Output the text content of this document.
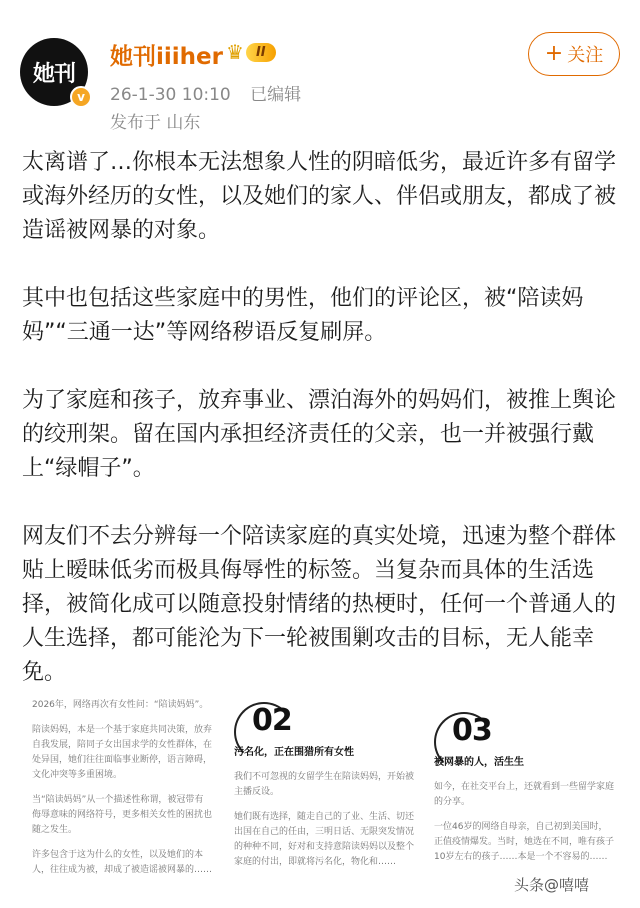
她刊
v
她刊iiiher ♛ II
26-1-30 10:10 已编辑
发布于 山东
+ 关注

太离谱了…你根本无法想象人性的阴暗低劣，最近许多有留学或海外经历的女性，以及她们的家人、伴侣或朋友，都成了被造谣被网暴的对象。

其中也包括这些家庭中的男性，他们的评论区，被“陪读妈妈”“三通一达”等网络秽语反复刷屏。

为了家庭和孩子，放弃事业、漂泊海外的妈妈们，被推上舆论的绞刑架。留在国内承担经济责任的父亲，也一并被强行戴上“绿帽子”。

网友们不去分辨每一个陪读家庭的真实处境，迅速为整个群体贴上暧昧低劣而极具侮辱性的标签。当复杂而具体的生活选择，被简化成可以随意投射情绪的热梗时，任何一个普通人的人生选择，都可能沦为下一轮被围剿攻击的目标，无人能幸免。

2026年，网络再次有女性问：“陪读妈妈”。

陪读妈妈，本是一个基于家庭共同决策，放弃自我发展，陪同子女出国求学的女性群体，在处异国，她们往往面临事业断停，语言障碍，文化冲突等多重困境。

当“陪读妈妈”从一个描述性称谓，被冠带有侮辱意味的网络符号，更多相关女性的困扰也随之发生。

许多包含于这为什么的女性，以及她们的本人，往往成为被，却成了被造谣被网暴的……

02
污名化，正在围猎所有女性

我们不可忽视的女留学生在陪读妈妈，开始被主播反设。

她们既有选择，随走自己的了业、生活、切还出国在自己的任由，三明日话、无限突发情况的种种不同，好对和支持意陪读妈妈以及整个家庭的付出，即就将污名化，物化和……

03
被网暴的人，活生生

如今，在社交平台上，还就看到一些留学家庭的分享。

一位46岁的网络自母亲，自己初到美国时，正值疫情爆发。当时，她选在不同，唯有孩子10岁左右的孩子……本是一个不容易的……

头条@嘻嘻
